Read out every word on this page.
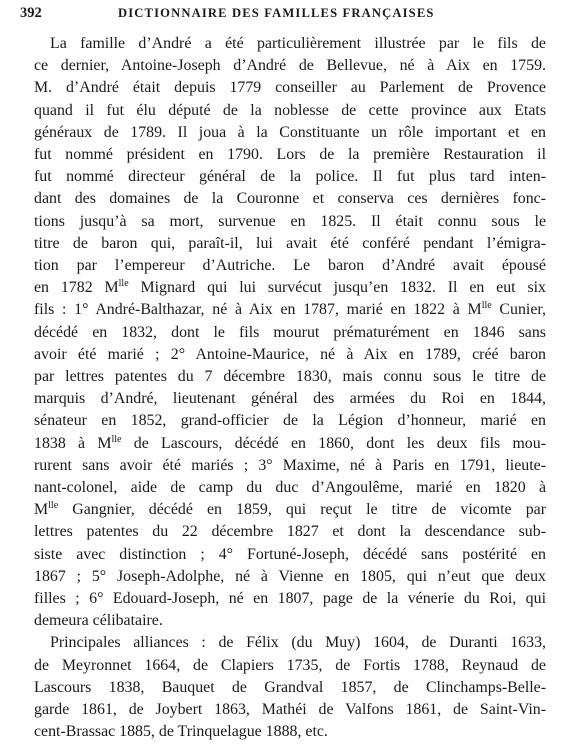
392	DICTIONNAIRE DES FAMILLES FRANÇAISES
La famille d’André a été particulièrement illustrée par le fils de
ce dernier, Antoine-Joseph d’André de Bellevue, né à Aix en 1759.
M. d’André était depuis 1779 conseiller au Parlement de Provence
quand il fut élu député de la noblesse de cette province aux Etats
généraux de 1789. Il joua à la Constituante un rôle important et en
fut nommé président en 1790. Lors de la première Restauration il
fut nommé directeur général de la police. Il fut plus tard inten-
dant des domaines de la Couronne et conserva ces dernières fonc-
tions jusqu’à sa mort, survenue en 1825. Il était connu sous le
titre de baron qui, paraît-il, lui avait été conféré pendant l’émigra-
tion par l’empereur d’Autriche. Le baron d’André avait épousé
en 1782 $M^{lle}$ Mignard qui lui survécut jusqu’en 1832. Il en eut six
fils : 1° André-Balthazar, né à Aix en 1787, marié en 1822 à $M^{lle}$ Cunier,
décédé en 1832, dont le fils mourut prématurément en 1846 sans
avoir été marié ; 2° Antoine-Maurice, né à Aix en 1789, créé baron
par lettres patentes du 7 décembre 1830, mais connu sous le titre de
marquis d’André, lieutenant général des armées du Roi en 1844,
sénateur en 1852, grand-officier de la Légion d’honneur, marié en
1838 à $M^{lle}$ de Lascours, décédé en 1860, dont les deux fils mou-
rurent sans avoir été mariés ; 3° Maxime, né à Paris en 1791, lieute-
nant-colonel, aide de camp du duc d’Angoulême, marié en 1820 à
$M^{lle}$ Gangnier, décédé en 1859, qui reçut le titre de vicomte par
lettres patentes du 22 décembre 1827 et dont la descendance sub-
siste avec distinction ; 4° Fortuné-Joseph, décédé sans postérité en
1867 ; 5° Joseph-Adolphe, né à Vienne en 1805, qui n’eut que deux
filles ; 6° Edouard-Joseph, né en 1807, page de la vénerie du Roi, qui
demeura célibataire.
Principales alliances : de Félix (du Muy) 1604, de Duranti 1633,
de Meyronnet 1664, de Clapiers 1735, de Fortis 1788, Reynaud de
Lascours 1838, Bauquet de Grandval 1857, de Clinchamps-Belle-
garde 1861, de Joybert 1863, Mathéi de Valfons 1861, de Saint-Vin-
cent-Brassac 1885, de Trinquelague 1888, etc.
